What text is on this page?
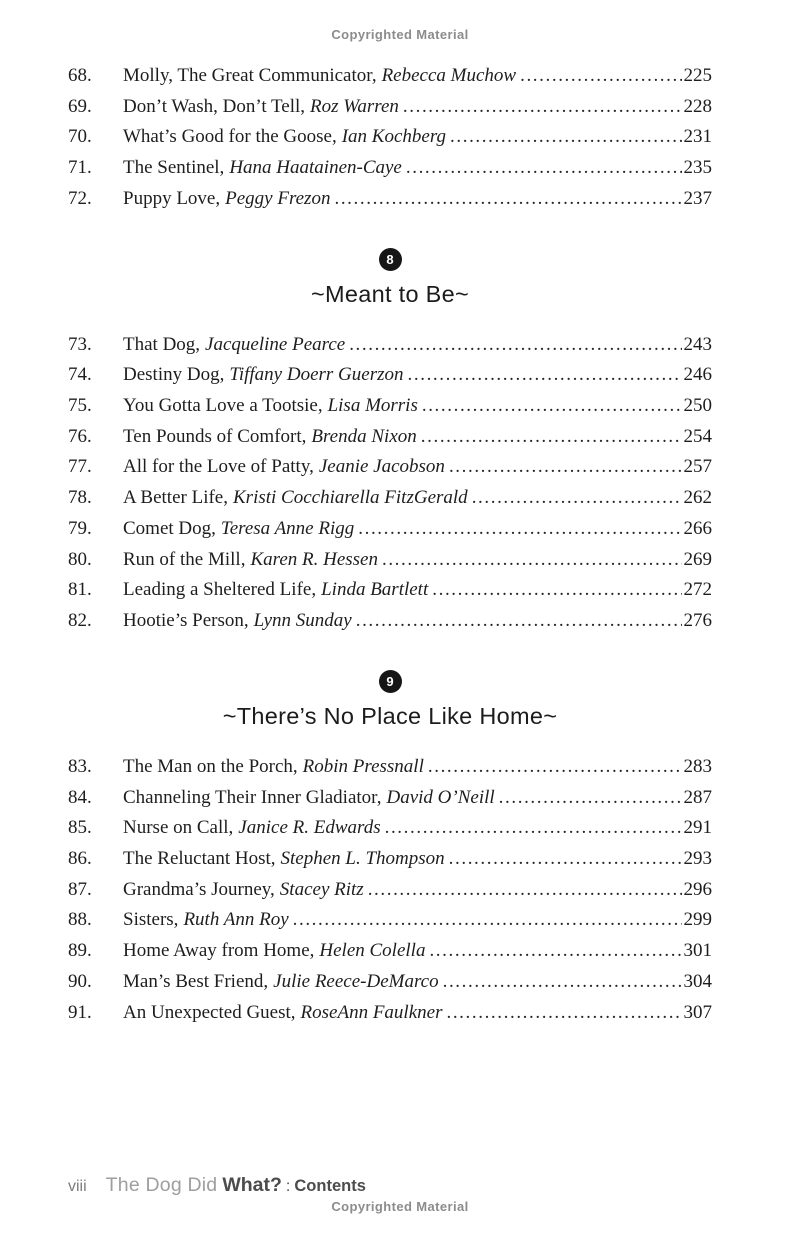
Copyrighted Material
68.	Molly, The Great Communicator, Rebecca Muchow .....	225
69.	Don’t Wash, Don’t Tell, Roz Warren .....	228
70.	What’s Good for the Goose, Ian Kochberg .....	231
71.	The Sentinel, Hana Haatainen-Caye .....	235
72.	Puppy Love, Peggy Frezon .....	237
8
~Meant to Be~
73.	That Dog, Jacqueline Pearce .....	243
74.	Destiny Dog, Tiffany Doerr Guerzon .....	246
75.	You Gotta Love a Tootsie, Lisa Morris .....	250
76.	Ten Pounds of Comfort, Brenda Nixon .....	254
77.	All for the Love of Patty, Jeanie Jacobson .....	257
78.	A Better Life, Kristi Cocchiarella FitzGerald .....	262
79.	Comet Dog, Teresa Anne Rigg .....	266
80.	Run of the Mill, Karen R. Hessen .....	269
81.	Leading a Sheltered Life, Linda Bartlett .....	272
82.	Hootie’s Person, Lynn Sunday .....	276
9
~There’s No Place Like Home~
83.	The Man on the Porch, Robin Pressnall .....	283
84.	Channeling Their Inner Gladiator, David O’Neill .....	287
85.	Nurse on Call, Janice R. Edwards .....	291
86.	The Reluctant Host, Stephen L. Thompson .....	293
87.	Grandma’s Journey, Stacey Ritz .....	296
88.	Sisters, Ruth Ann Roy .....	299
89.	Home Away from Home, Helen Colella .....	301
90.	Man’s Best Friend, Julie Reece-DeMarco .....	304
91.	An Unexpected Guest, RoseAnn Faulkner .....	307
viii The Dog Did What? : Contents
Copyrighted Material
